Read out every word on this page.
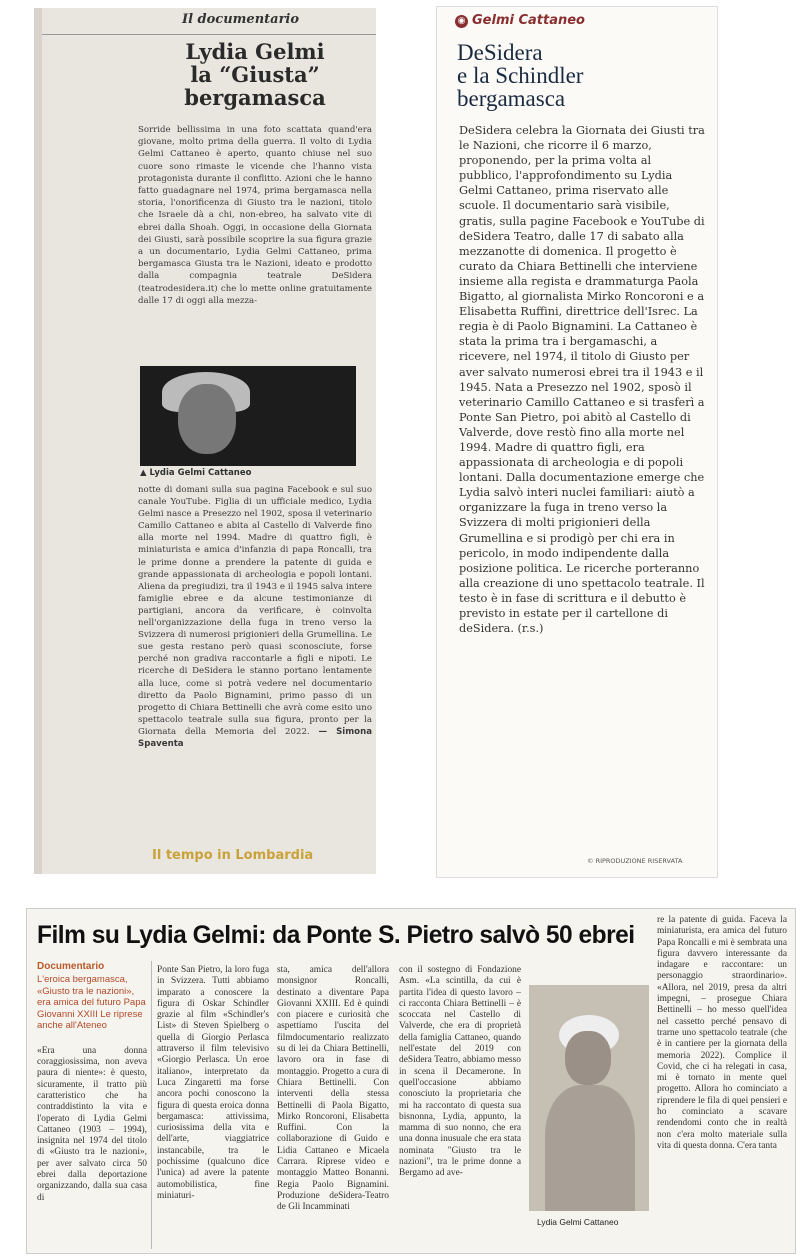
Il documentario
Lydia Gelmi
la “Giusta”
bergamasca

Sorride bellissima in una foto scattata quand'era giovane, molto prima della guerra. Il volto di Lydia Gelmi Cattaneo è aperto, quanto chiuse nel suo cuore sono rimaste le vicende che l'hanno vista protagonista durante il conflitto. Azioni che le hanno fatto guadagnare nel 1974, prima bergamasca nella storia, l'onorificenza di Giusto tra le nazioni, titolo che Israele dà a chi, non-ebreo, ha salvato vite di ebrei dalla Shoah. Oggi, in occasione della Giornata dei Giusti, sarà possibile scoprire la sua figura grazie a un documentario, Lydia Gelmi Cattaneo, prima bergamasca Giusta tra le Nazioni, ideato e prodotto dalla compagnia teatrale DeSidera (teatrodesidera.it) che lo mette online gratuitamente dalle 17 di oggi alla mezza-

▲ Lydia Gelmi Cattaneo

notte di domani sulla sua pagina Facebook e sul suo canale YouTube. Figlia di un ufficiale medico, Lydia Gelmi nasce a Presezzo nel 1902, sposa il veterinario Camillo Cattaneo e abita al Castello di Valverde fino alla morte nel 1994. Madre di quattro figli, è miniaturista e amica d'infanzia di papa Roncalli, tra le prime donne a prendere la patente di guida e grande appassionata di archeologia e popoli lontani. Aliena da pregiudizi, tra il 1943 e il 1945 salva intere famiglie ebree e da alcune testimonianze di partigiani, ancora da verificare, è coinvolta nell'organizzazione della fuga in treno verso la Svizzera di numerosi prigionieri della Grumellina. Le sue gesta restano però quasi sconosciute, forse perché non gradiva raccontarle a figli e nipoti. Le ricerche di DeSidera le stanno portano lentamente alla luce, come si potrà vedere nel documentario diretto da Paolo Bignamini, primo passo di un progetto di Chiara Bettinelli che avrà come esito uno spettacolo teatrale sulla sua figura, pronto per la Giornata della Memoria del 2022. — Simona Spaventa

Il tempo in Lombardia
◉ Gelmi Cattaneo
DeSidera
e la Schindler
bergamasca

DeSidera celebra la Giornata dei Giusti tra le Nazioni, che ricorre il 6 marzo, proponendo, per la prima volta al pubblico, l'approfondimento su Lydia Gelmi Cattaneo, prima riservato alle scuole. Il documentario sarà visibile, gratis, sulla pagine Facebook e YouTube di deSidera Teatro, dalle 17 di sabato alla mezzanotte di domenica. Il progetto è curato da Chiara Bettinelli che interviene insieme alla regista e drammaturga Paola Bigatto, al giornalista Mirko Roncoroni e a Elisabetta Ruffini, direttrice dell'Isrec. La regia è di Paolo Bignamini. La Cattaneo è stata la prima tra i bergamaschi, a ricevere, nel 1974, il titolo di Giusto per aver salvato numerosi ebrei tra il 1943 e il 1945. Nata a Presezzo nel 1902, sposò il veterinario Camillo Cattaneo e si trasferì a Ponte San Pietro, poi abitò al Castello di Valverde, dove restò fino alla morte nel 1994. Madre di quattro figli, era appassionata di archeologia e di popoli lontani. Dalla documentazione emerge che Lydia salvò interi nuclei familiari: aiutò a organizzare la fuga in treno verso la Svizzera di molti prigionieri della Grumellina e si prodigò per chi era in pericolo, in modo indipendente dalla posizione politica. Le ricerche porteranno alla creazione di uno spettacolo teatrale. Il testo è in fase di scrittura e il debutto è previsto in estate per il cartellone di deSidera. (r.s.)

© RIPRODUZIONE RISERVATA
Film su Lydia Gelmi: da Ponte S. Pietro salvò 50 ebrei
Documentario
L'eroica bergamasca, «Giusto tra le nazioni», era amica del futuro Papa Giovanni XXIII Le riprese anche all'Ateneo
«Era una donna coraggiosissima, non aveva paura di niente»: è questo, sicuramente, il tratto più caratteristico che ha contraddistinto la vita e l'operato di Lydia Gelmi Cattaneo (1903 – 1994), insignita nel 1974 del titolo di «Giusto tra le nazioni», per aver salvato circa 50 ebrei dalla deportazione organizzando, dalla sua casa di

Ponte San Pietro, la loro fuga in Svizzera. Tutti abbiamo imparato a conoscere la figura di Oskar Schindler grazie al film «Schindler's List» di Steven Spielberg o quella di Giorgio Perlasca attraverso il film televisivo «Giorgio Perlasca. Un eroe italiano», interpretato da Luca Zingaretti ma forse ancora pochi conoscono la figura di questa eroica donna bergamasca: attivissima, curiosissima della vita e dell'arte, viaggiatrice instancabile, tra le pochissime (qualcuno dice l'unica) ad avere la patente automobilistica, fine miniaturi-

sta, amica dell'allora monsignor Roncalli, destinato a diventare Papa Giovanni XXIII. Ed è quindi con piacere e curiosità che aspettiamo l'uscita del filmdocumentario realizzato su di lei da Chiara Bettinelli, lavoro ora in fase di montaggio. Progetto a cura di Chiara Bettinelli. Con interventi della stessa Bettinelli di Paola Bigatto, Mirko Roncoroni, Elisabetta Ruffini. Con la collaborazione di Guido e Lidia Cattaneo e Micaela Carrara. Riprese video e montaggio Matteo Bonanni. Regia Paolo Bignamini. Produzione deSidera-Teatro de Gli Incamminati

con il sostegno di Fondazione Asm. «La scintilla, da cui è partita l'idea di questo lavoro – ci racconta Chiara Bettinelli – è scoccata nel Castello di Valverde, che era di proprietà della famiglia Cattaneo, quando nell'estate del 2019 con deSidera Teatro, abbiamo messo in scena il Decamerone. In quell'occasione abbiamo conosciuto la proprietaria che mi ha raccontato di questa sua bisnonna, Lydia, appunto, la mamma di suo nonno, che era una donna inusuale che era stata nominata "Giusto tra le nazioni", tra le prime donne a Bergamo ad ave-

Lydia Gelmi Cattaneo

re la patente di guida. Faceva la miniaturista, era amica del futuro Papa Roncalli e mi è sembrata una figura davvero interessante da indagare e raccontare: un personaggio straordinario». «Allora, nel 2019, presa da altri impegni, – prosegue Chiara Bettinelli – ho messo quell'idea nel cassetto perché pensavo di trarne uno spettacolo teatrale (che è in cantiere per la giornata della memoria 2022). Complice il Covid, che ci ha relegati in casa, mi è tornato in mente quel progetto. Allora ho cominciato a riprendere le fila di quei pensieri e ho cominciato a scavare rendendomi conto che in realtà non c'era molto materiale sulla vita di questa donna. C'era tanta
